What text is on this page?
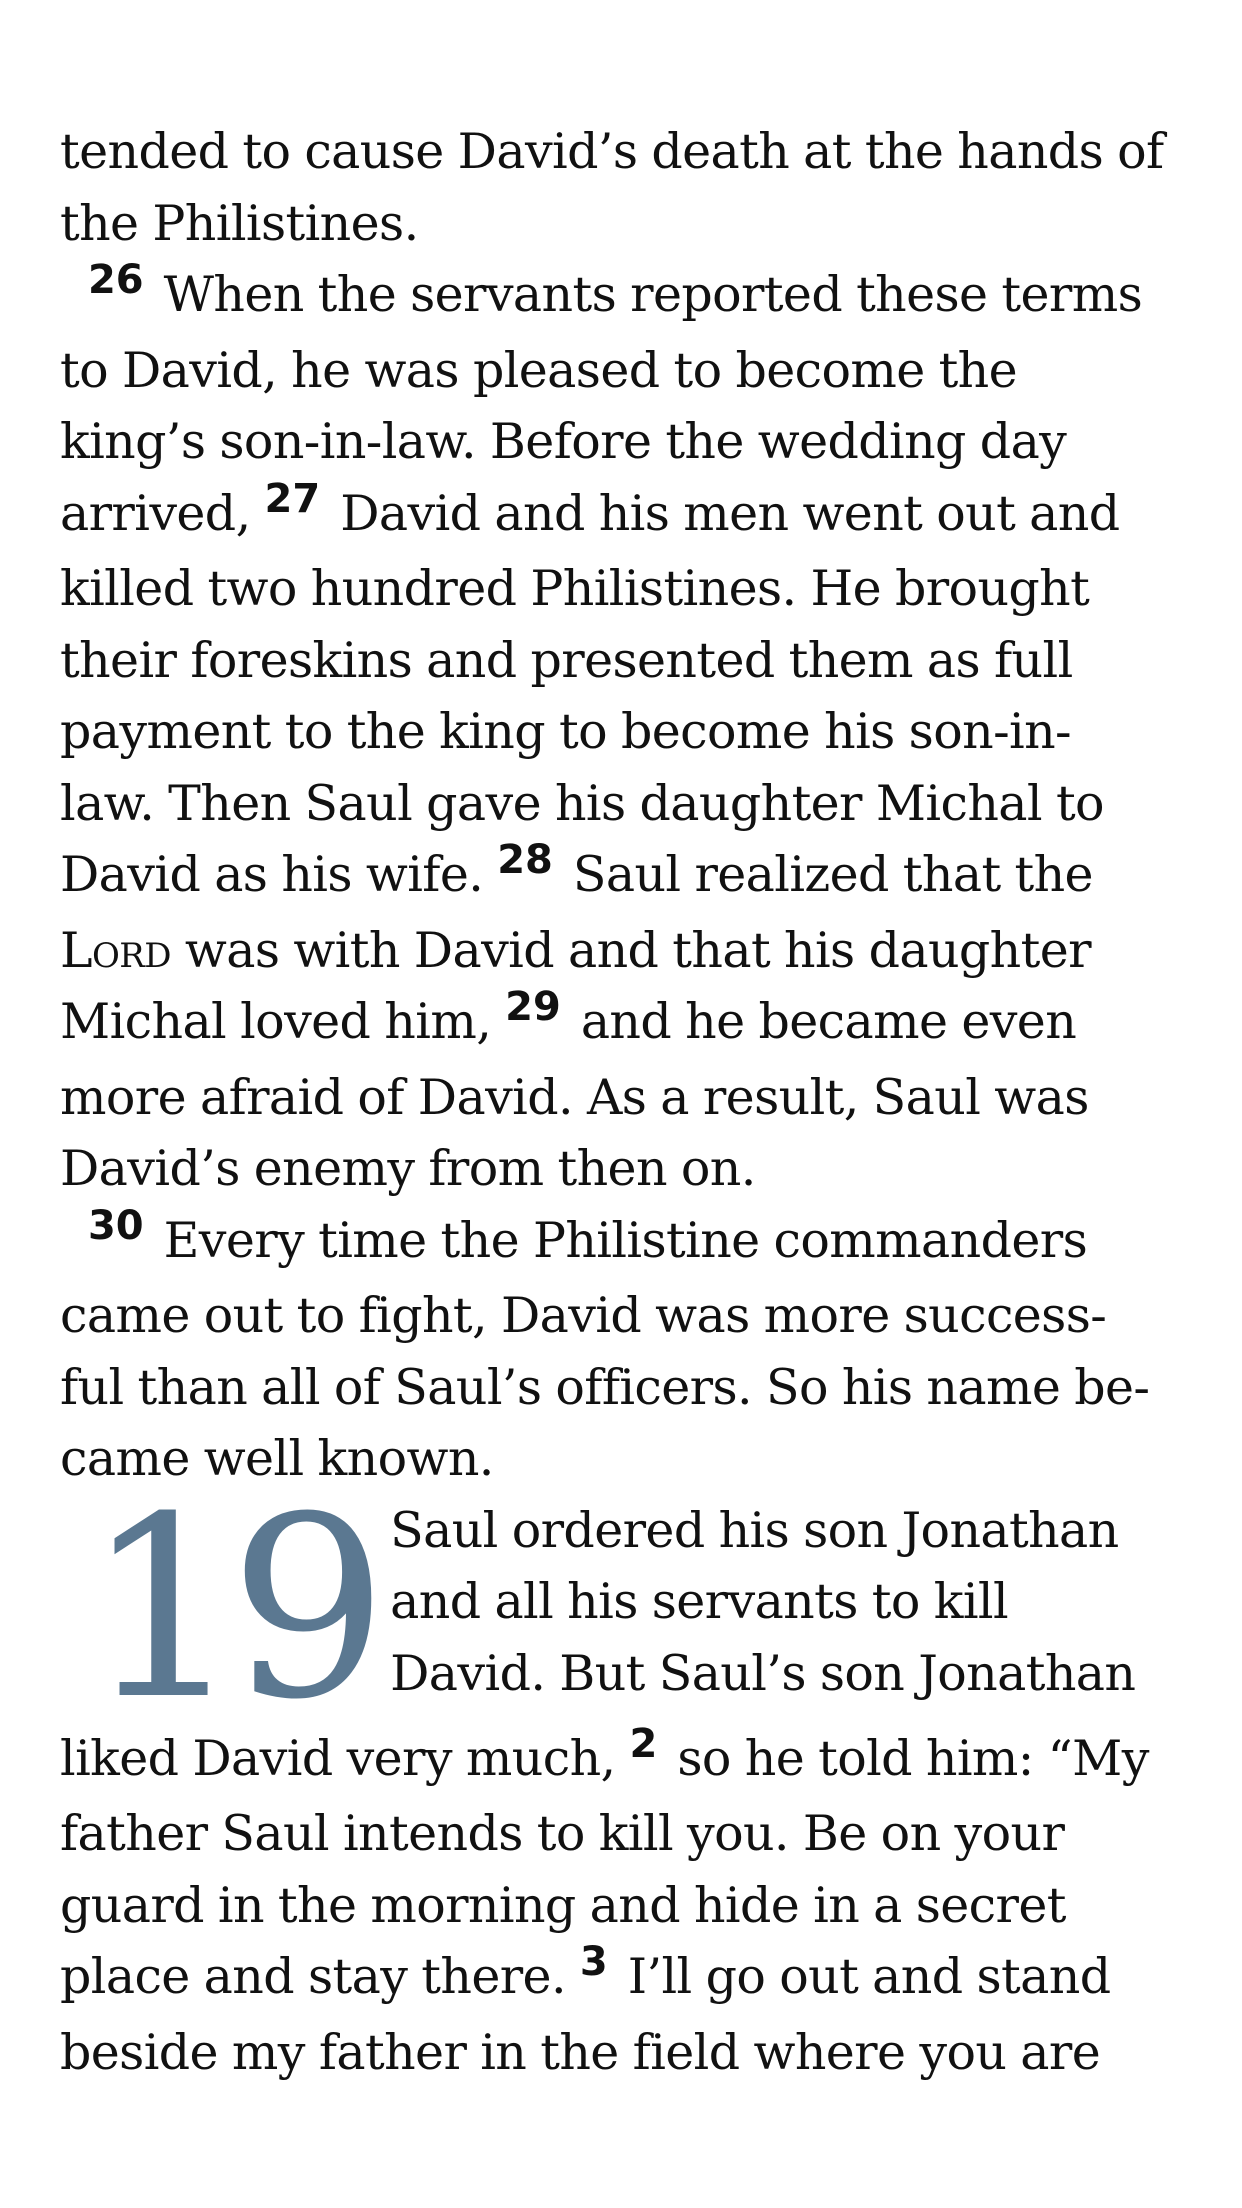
tended to cause David’s death at the hands of
the Philistines.

$^{26}$ When the servants reported these terms
to David, he was pleased to become the
king’s son-in-law. Before the wedding day
arrived, $^{27}$ David and his men went out and
killed two hundred Philistines. He brought
their foreskins and presented them as full
payment to the king to become his son-in-
law. Then Saul gave his daughter Michal to
David as his wife. $^{28}$ Saul realized that the
Lord was with David and that his daughter
Michal loved him, $^{29}$ and he became even
more afraid of David. As a result, Saul was
David’s enemy from then on.

$^{30}$ Every time the Philistine commanders
came out to fight, David was more success-
ful than all of Saul’s officers. So his name be-
came well known.

19 Saul ordered his son Jonathan
and all his servants to kill
David. But Saul’s son Jonathan
liked David very much, $^2$ so he told him: “My
father Saul intends to kill you. Be on your
guard in the morning and hide in a secret
place and stay there. $^3$ I’ll go out and stand
beside my father in the field where you are
